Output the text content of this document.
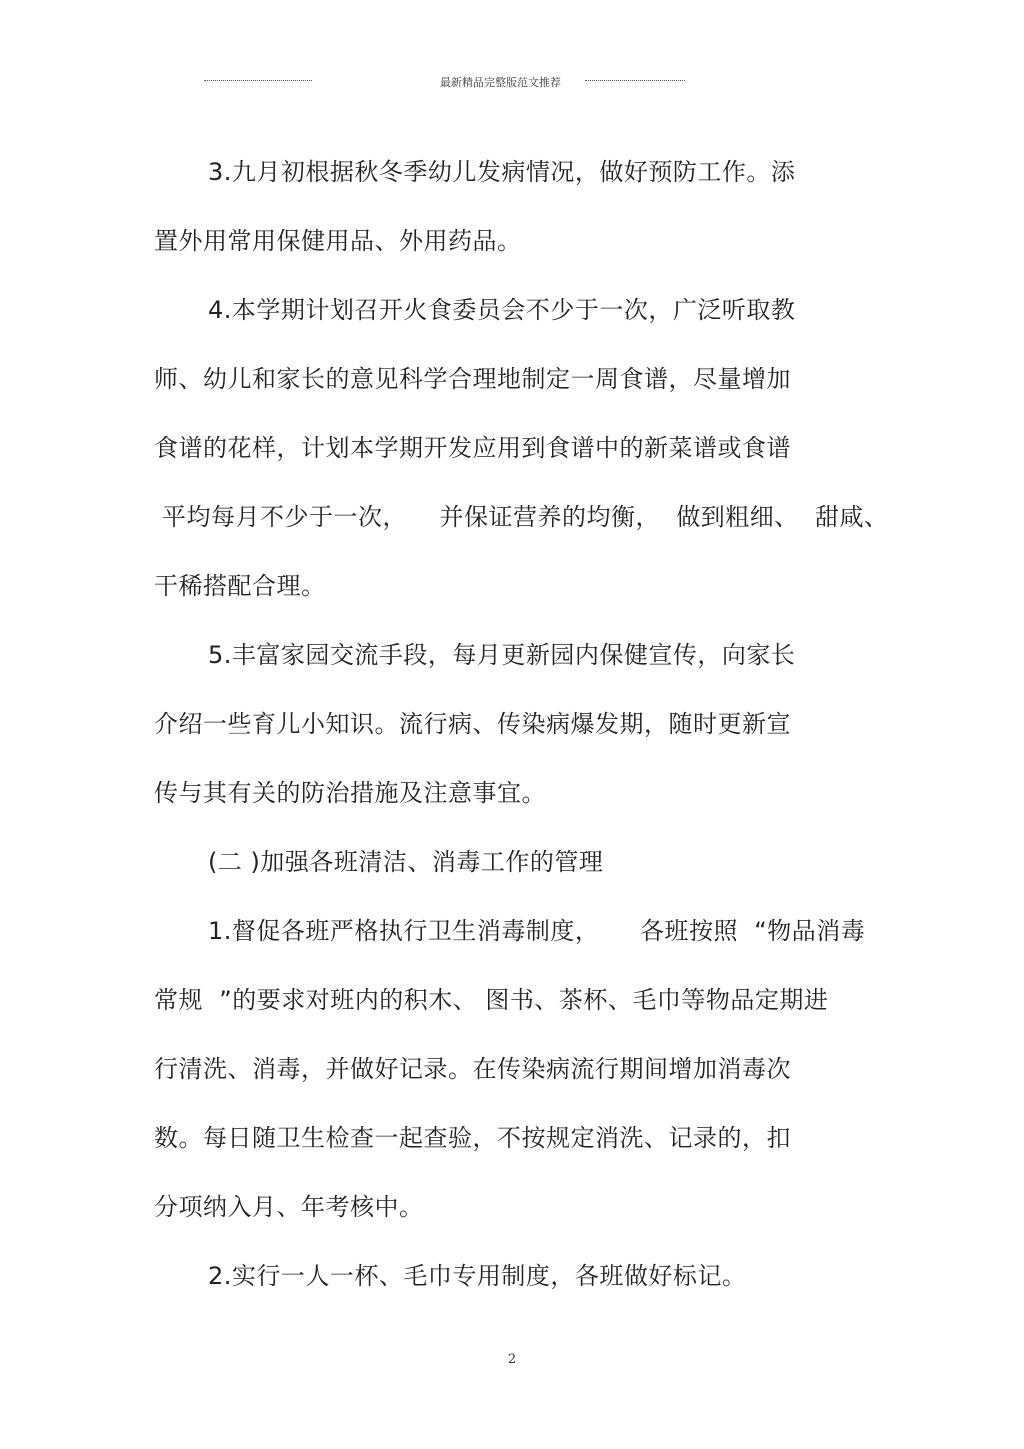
最新精品完整版范文推荐
3.九月初根据秋冬季幼儿发病情况，做好预防工作。添
置外用常用保健用品、外用药品。
4.本学期计划召开火食委员会不少于一次，广泛听取教
师、幼儿和家长的意见科学合理地制定一周食谱，尽量增加
食谱的花样，计划本学期开发应用到食谱中的新菜谱或食谱
平均每月不少于一次，    并保证营养的均衡，  做到粗细、  甜咸、
干稀搭配合理。
5.丰富家园交流手段，每月更新园内保健宣传，向家长
介绍一些育儿小知识。流行病、传染病爆发期，随时更新宣
传与其有关的防治措施及注意事宜。
(二 )加强各班清洁、消毒工作的管理
1.督促各班严格执行卫生消毒制度，     各班按照  “物品消毒
常规  ”的要求对班内的积木、 图书、茶杯、毛巾等物品定期进
行清洗、消毒，并做好记录。在传染病流行期间增加消毒次
数。每日随卫生检查一起查验，不按规定消洗、记录的，扣
分项纳入月、年考核中。
2.实行一人一杯、毛巾专用制度，各班做好标记。
2
